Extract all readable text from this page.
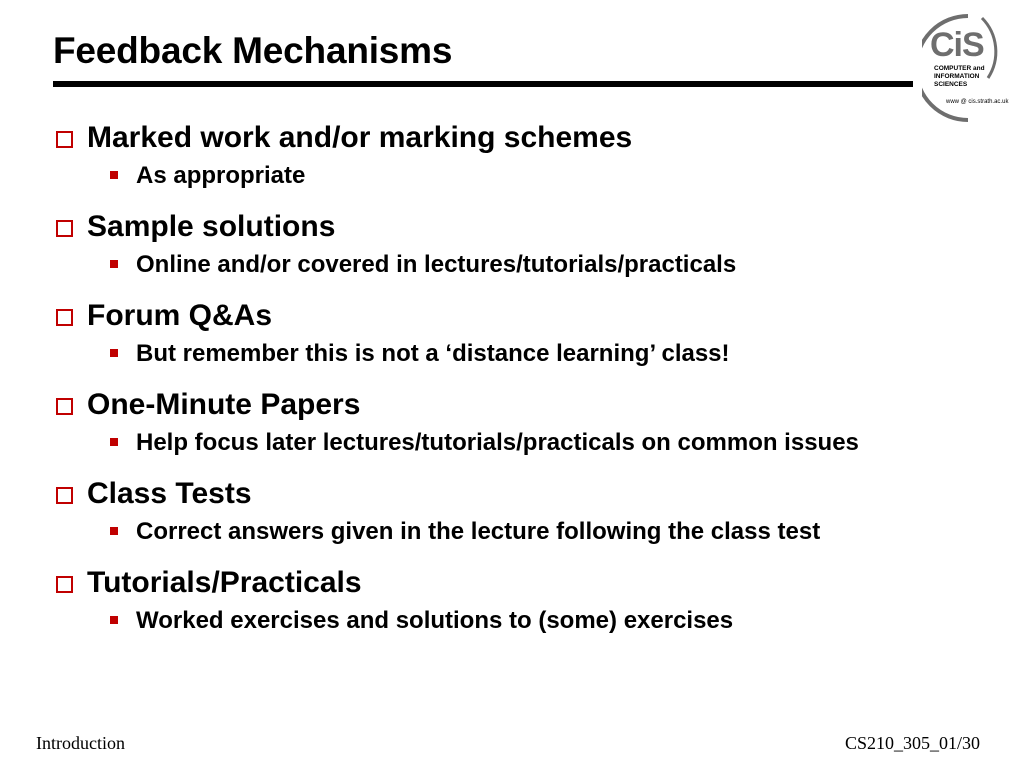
Feedback Mechanisms	CiS
COMPUTER and
INFORMATION
SCIENCES
www @ cis.strath.ac.uk
Marked work and/or marking schemes
As appropriate
Sample solutions
Online and/or covered in lectures/tutorials/practicals
Forum Q&As
But remember this is not a ‘distance learning’ class!
One-Minute Papers
Help focus later lectures/tutorials/practicals on common issues
Class Tests
Correct answers given in the lecture following the class test
Tutorials/Practicals
Worked exercises and solutions to (some) exercises
Introduction	CS210_305_01/30
